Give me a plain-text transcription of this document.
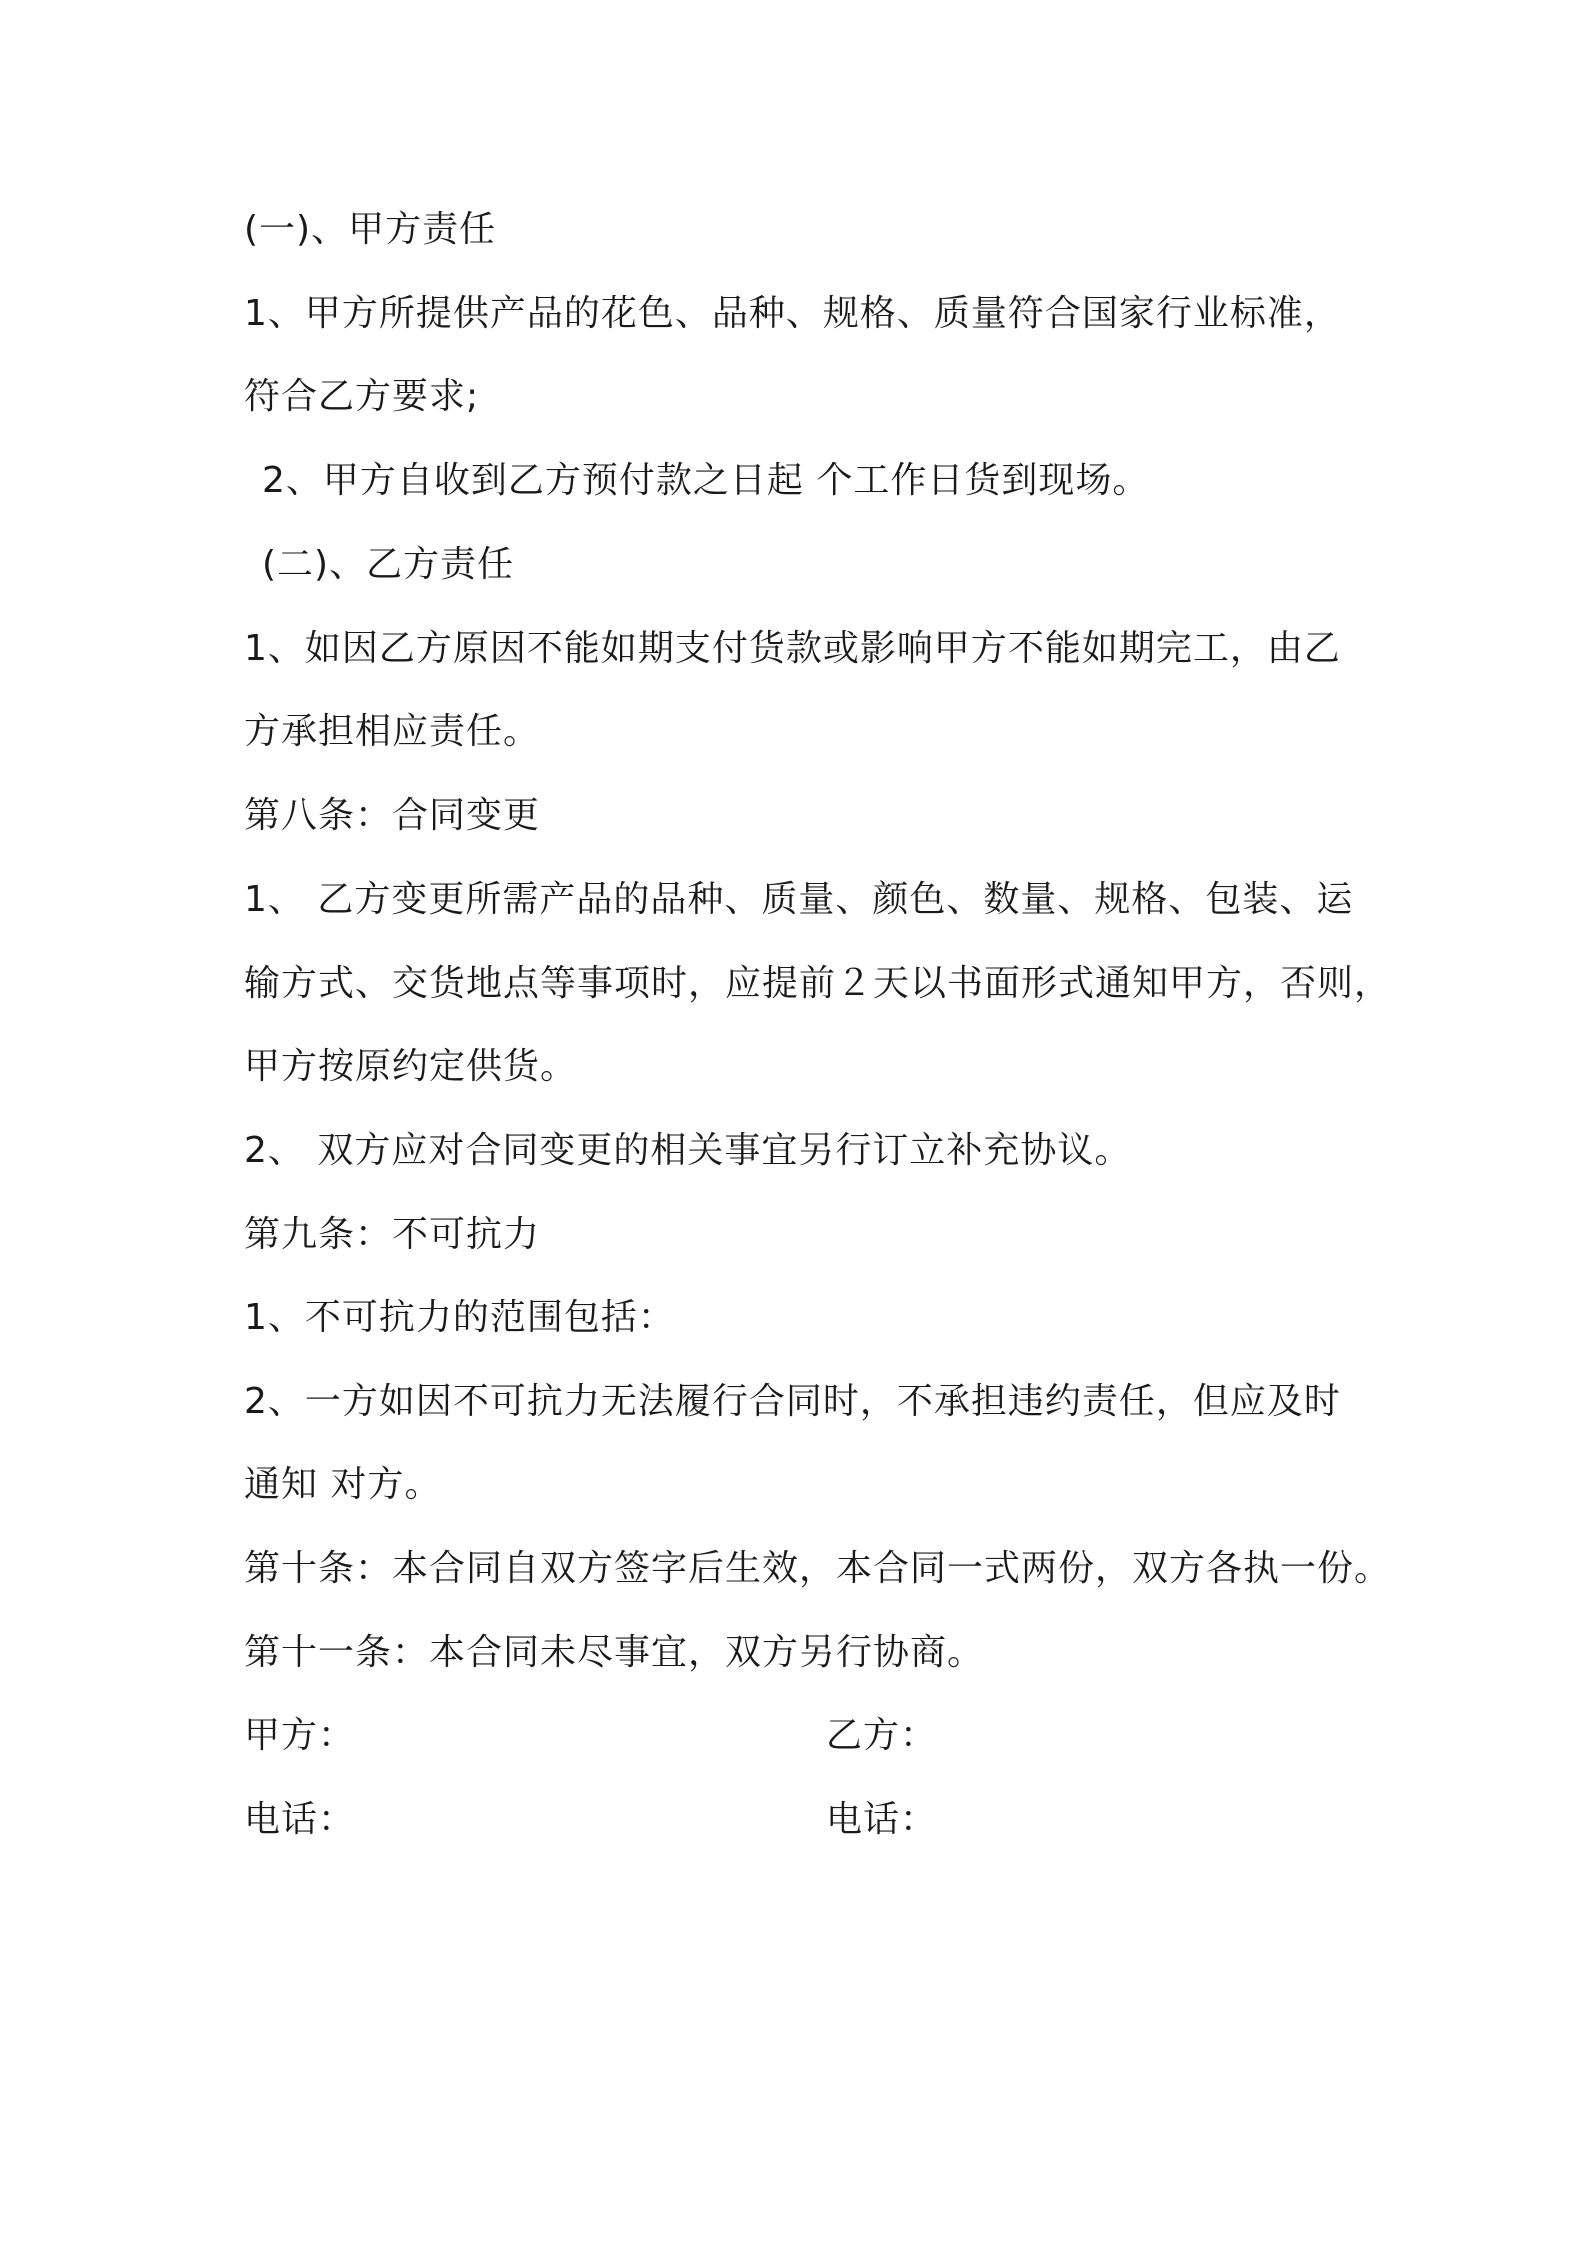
(一)、甲方责任
1、甲方所提供产品的花色、品种、规格、质量符合国家行业标准，
符合乙方要求;
2、甲方自收到乙方预付款之日起 个工作日货到现场。
(二)、乙方责任
1、如因乙方原因不能如期支付货款或影响甲方不能如期完工，由乙
方承担相应责任。
第八条：合同变更
1、 乙方变更所需产品的品种、质量、颜色、数量、规格、包装、运
输方式、交货地点等事项时，应提前２天以书面形式通知甲方，否则，
甲方按原约定供货。
2、 双方应对合同变更的相关事宜另行订立补充协议。
第九条：不可抗力
1、不可抗力的范围包括：
2、一方如因不可抗力无法履行合同时，不承担违约责任，但应及时
通知 对方。
第十条：本合同自双方签字后生效，本合同一式两份，双方各执一份。
第十一条：本合同未尽事宜，双方另行协商。
甲方：	乙方：
电话：	电话：
